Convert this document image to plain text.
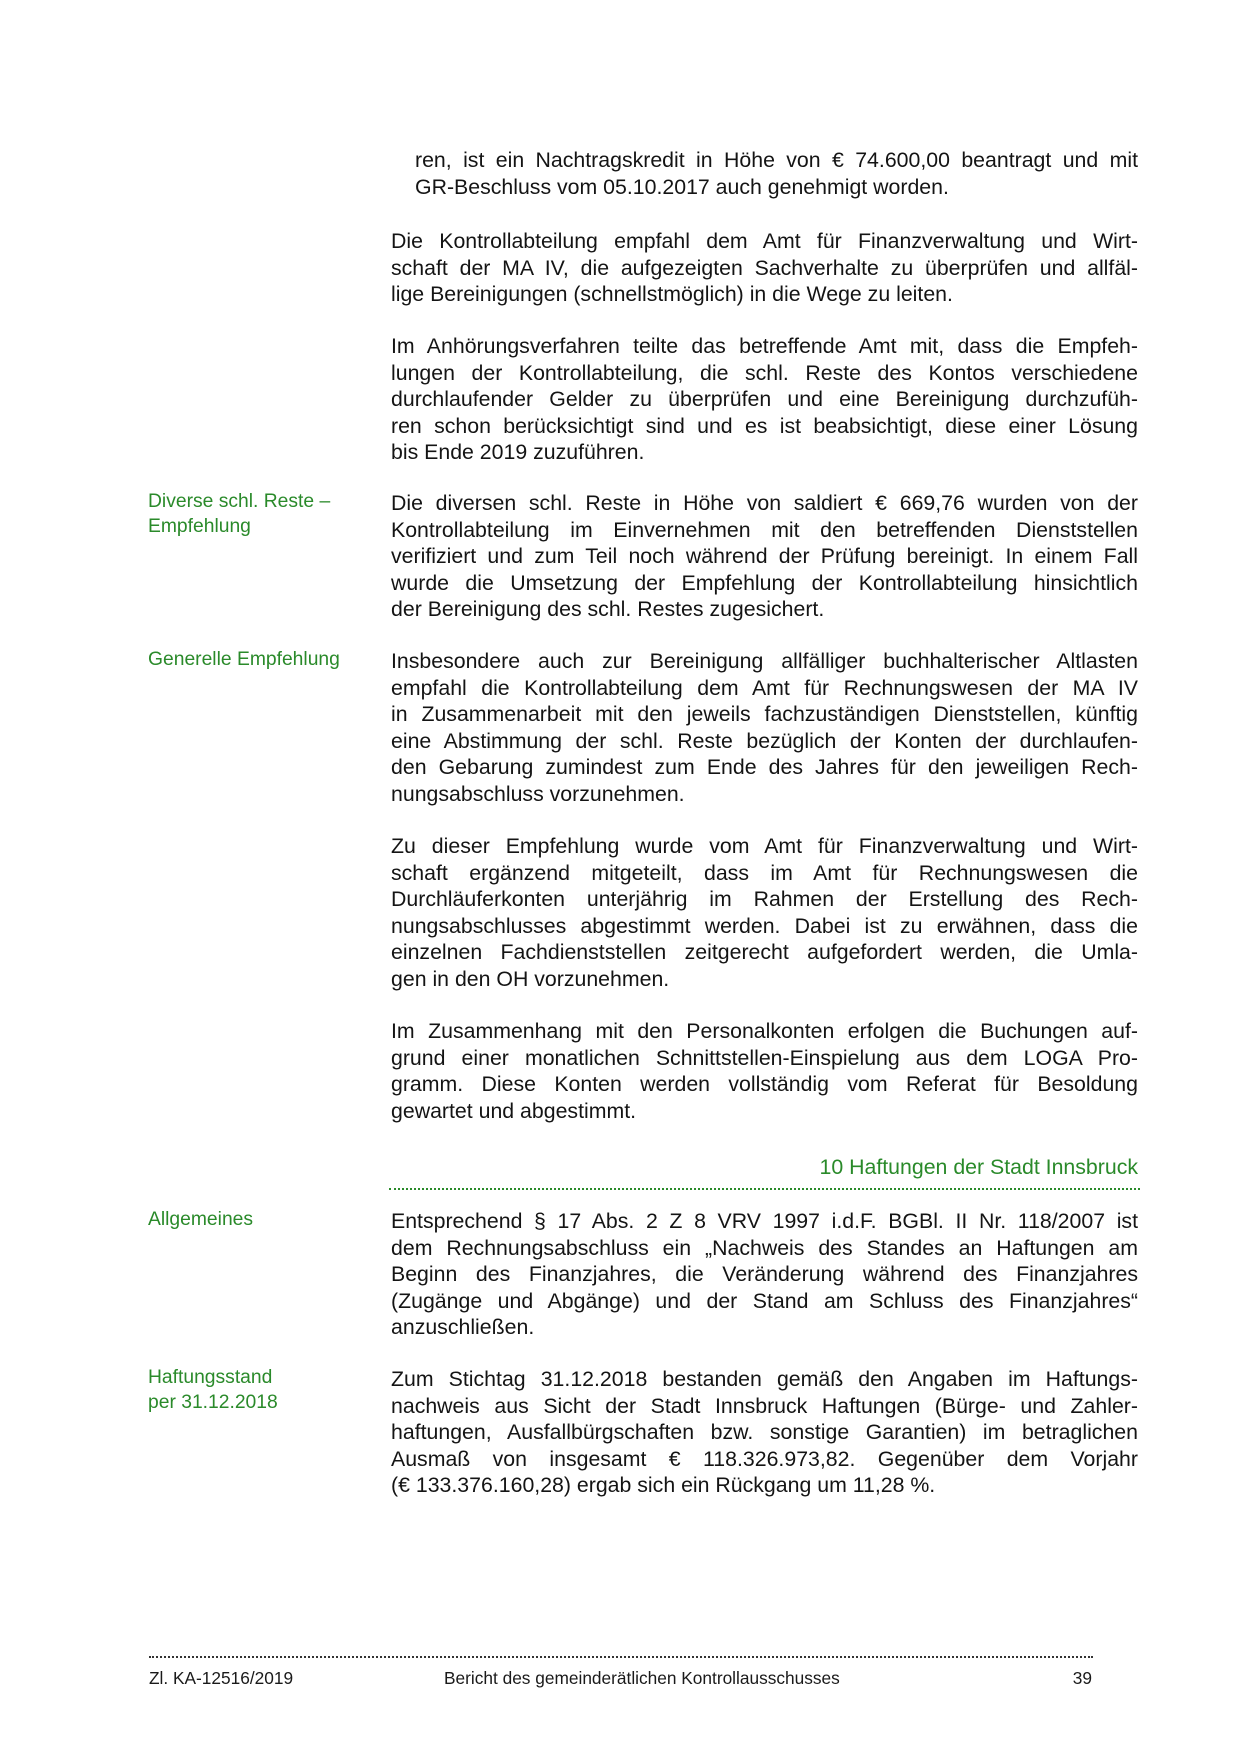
ren, ist ein Nachtragskredit in Höhe von € 74.600,00 beantragt und mit
GR-Beschluss vom 05.10.2017 auch genehmigt worden.
Die Kontrollabteilung empfahl dem Amt für Finanzverwaltung und Wirt-
schaft der MA IV, die aufgezeigten Sachverhalte zu überprüfen und allfäl-
lige Bereinigungen (schnellstmöglich) in die Wege zu leiten.
Im Anhörungsverfahren teilte das betreffende Amt mit, dass die Empfeh-
lungen der Kontrollabteilung, die schl. Reste des Kontos verschiedene
durchlaufender Gelder zu überprüfen und eine Bereinigung durchzufüh-
ren schon berücksichtigt sind und es ist beabsichtigt, diese einer Lösung
bis Ende 2019 zuzuführen.
Diverse schl. Reste –
Empfehlung
Die diversen schl. Reste in Höhe von saldiert € 669,76 wurden von der
Kontrollabteilung im Einvernehmen mit den betreffenden Dienststellen
verifiziert und zum Teil noch während der Prüfung bereinigt. In einem Fall
wurde die Umsetzung der Empfehlung der Kontrollabteilung hinsichtlich
der Bereinigung des schl. Restes zugesichert.
Generelle Empfehlung	Insbesondere auch zur Bereinigung allfälliger buchhalterischer Altlasten
empfahl die Kontrollabteilung dem Amt für Rechnungswesen der MA IV
in Zusammenarbeit mit den jeweils fachzuständigen Dienststellen, künftig
eine Abstimmung der schl. Reste bezüglich der Konten der durchlaufen-
den Gebarung zumindest zum Ende des Jahres für den jeweiligen Rech-
nungsabschluss vorzunehmen.
Zu dieser Empfehlung wurde vom Amt für Finanzverwaltung und Wirt-
schaft ergänzend mitgeteilt, dass im Amt für Rechnungswesen die
Durchläuferkonten unterjährig im Rahmen der Erstellung des Rech-
nungsabschlusses abgestimmt werden. Dabei ist zu erwähnen, dass die
einzelnen Fachdienststellen zeitgerecht aufgefordert werden, die Umla-
gen in den OH vorzunehmen.
Im Zusammenhang mit den Personalkonten erfolgen die Buchungen auf-
grund einer monatlichen Schnittstellen-Einspielung aus dem LOGA Pro-
gramm. Diese Konten werden vollständig vom Referat für Besoldung
gewartet und abgestimmt.
10 Haftungen der Stadt Innsbruck
Allgemeines	Entsprechend § 17 Abs. 2 Z 8 VRV 1997 i.d.F. BGBl. II Nr. 118/2007 ist
dem Rechnungsabschluss ein „Nachweis des Standes an Haftungen am
Beginn des Finanzjahres, die Veränderung während des Finanzjahres
(Zugänge und Abgänge) und der Stand am Schluss des Finanzjahres“
anzuschließen.
Haftungsstand
per 31.12.2018
Zum Stichtag 31.12.2018 bestanden gemäß den Angaben im Haftungs-
nachweis aus Sicht der Stadt Innsbruck Haftungen (Bürge- und Zahler-
haftungen, Ausfallbürgschaften bzw. sonstige Garantien) im betraglichen
Ausmaß von insgesamt € 118.326.973,82. Gegenüber dem Vorjahr
(€ 133.376.160,28) ergab sich ein Rückgang um 11,28 %.
Zl. KA-12516/2019	Bericht des gemeinderätlichen Kontrollausschusses	39
